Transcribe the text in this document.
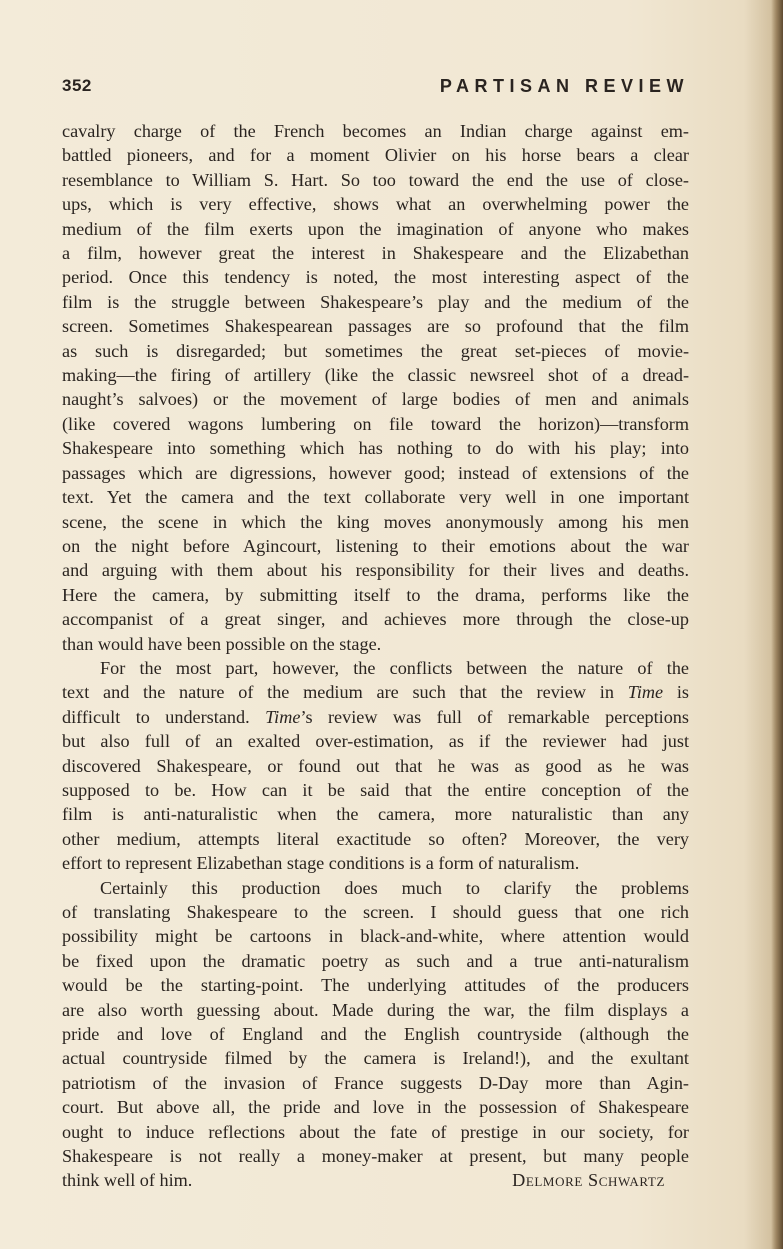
352	PARTISAN REVIEW

cavalry charge of the French becomes an Indian charge against em-
battled pioneers, and for a moment Olivier on his horse bears a clear
resemblance to William S. Hart. So too toward the end the use of close-
ups, which is very effective, shows what an overwhelming power the
medium of the film exerts upon the imagination of anyone who makes
a film, however great the interest in Shakespeare and the Elizabethan
period. Once this tendency is noted, the most interesting aspect of the
film is the struggle between Shakespeare’s play and the medium of the
screen. Sometimes Shakespearean passages are so profound that the film
as such is disregarded; but sometimes the great set-pieces of movie-
making—the firing of artillery (like the classic newsreel shot of a dread-
naught’s salvoes) or the movement of large bodies of men and animals
(like covered wagons lumbering on file toward the horizon)—transform
Shakespeare into something which has nothing to do with his play; into
passages which are digressions, however good; instead of extensions of the
text. Yet the camera and the text collaborate very well in one important
scene, the scene in which the king moves anonymously among his men
on the night before Agincourt, listening to their emotions about the war
and arguing with them about his responsibility for their lives and deaths.
Here the camera, by submitting itself to the drama, performs like the
accompanist of a great singer, and achieves more through the close-up
than would have been possible on the stage.

For the most part, however, the conflicts between the nature of the
text and the nature of the medium are such that the review in Time is
difficult to understand. Time’s review was full of remarkable perceptions
but also full of an exalted over-estimation, as if the reviewer had just
discovered Shakespeare, or found out that he was as good as he was
supposed to be. How can it be said that the entire conception of the
film is anti-naturalistic when the camera, more naturalistic than any
other medium, attempts literal exactitude so often? Moreover, the very
effort to represent Elizabethan stage conditions is a form of naturalism.

Certainly this production does much to clarify the problems
of translating Shakespeare to the screen. I should guess that one rich
possibility might be cartoons in black-and-white, where attention would
be fixed upon the dramatic poetry as such and a true anti-naturalism
would be the starting-point. The underlying attitudes of the producers
are also worth guessing about. Made during the war, the film displays a
pride and love of England and the English countryside (although the
actual countryside filmed by the camera is Ireland!), and the exultant
patriotism of the invasion of France suggests D-Day more than Agin-
court. But above all, the pride and love in the possession of Shakespeare
ought to induce reflections about the fate of prestige in our society, for
Shakespeare is not really a money-maker at present, but many people
think well of him.	Delmore Schwartz
